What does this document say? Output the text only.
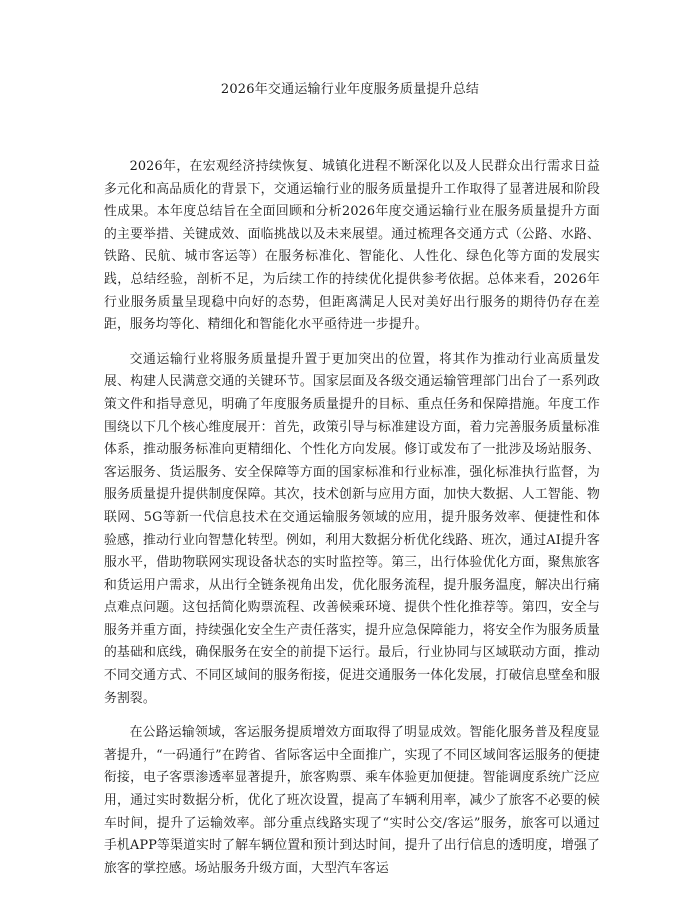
2026年交通运输行业年度服务质量提升总结

2026年，在宏观经济持续恢复、城镇化进程不断深化以及人民群众出行需求日益多元化和高品质化的背景下，交通运输行业的服务质量提升工作取得了显著进展和阶段性成果。本年度总结旨在全面回顾和分析2026年度交通运输行业在服务质量提升方面的主要举措、关键成效、面临挑战以及未来展望。通过梳理各交通方式（公路、水路、铁路、民航、城市客运等）在服务标准化、智能化、人性化、绿色化等方面的发展实践，总结经验，剖析不足，为后续工作的持续优化提供参考依据。总体来看，2026年行业服务质量呈现稳中向好的态势，但距离满足人民对美好出行服务的期待仍存在差距，服务均等化、精细化和智能化水平亟待进一步提升。

交通运输行业将服务质量提升置于更加突出的位置，将其作为推动行业高质量发展、构建人民满意交通的关键环节。国家层面及各级交通运输管理部门出台了一系列政策文件和指导意见，明确了年度服务质量提升的目标、重点任务和保障措施。年度工作围绕以下几个核心维度展开：首先，政策引导与标准建设方面，着力完善服务质量标准体系，推动服务标准向更精细化、个性化方向发展。修订或发布了一批涉及场站服务、客运服务、货运服务、安全保障等方面的国家标准和行业标准，强化标准执行监督，为服务质量提升提供制度保障。其次，技术创新与应用方面，加快大数据、人工智能、物联网、5G等新一代信息技术在交通运输服务领域的应用，提升服务效率、便捷性和体验感，推动行业向智慧化转型。例如，利用大数据分析优化线路、班次，通过AI提升客服水平，借助物联网实现设备状态的实时监控等。第三，出行体验优化方面，聚焦旅客和货运用户需求，从出行全链条视角出发，优化服务流程，提升服务温度，解决出行痛点难点问题。这包括简化购票流程、改善候乘环境、提供个性化推荐等。第四，安全与服务并重方面，持续强化安全生产责任落实，提升应急保障能力，将安全作为服务质量的基础和底线，确保服务在安全的前提下运行。最后，行业协同与区域联动方面，推动不同交通方式、不同区域间的服务衔接，促进交通服务一体化发展，打破信息壁垒和服务割裂。

在公路运输领域，客运服务提质增效方面取得了明显成效。智能化服务普及程度显著提升，“一码通行”在跨省、省际客运中全面推广，实现了不同区域间客运服务的便捷衔接，电子客票渗透率显著提升，旅客购票、乘车体验更加便捷。智能调度系统广泛应用，通过实时数据分析，优化了班次设置，提高了车辆利用率，减少了旅客不必要的候车时间，提升了运输效率。部分重点线路实现了“实时公交/客运”服务，旅客可以通过手机APP等渠道实时了解车辆位置和预计到达时间，提升了出行信息的透明度，增强了旅客的掌控感。场站服务升级方面，大型汽车客运
